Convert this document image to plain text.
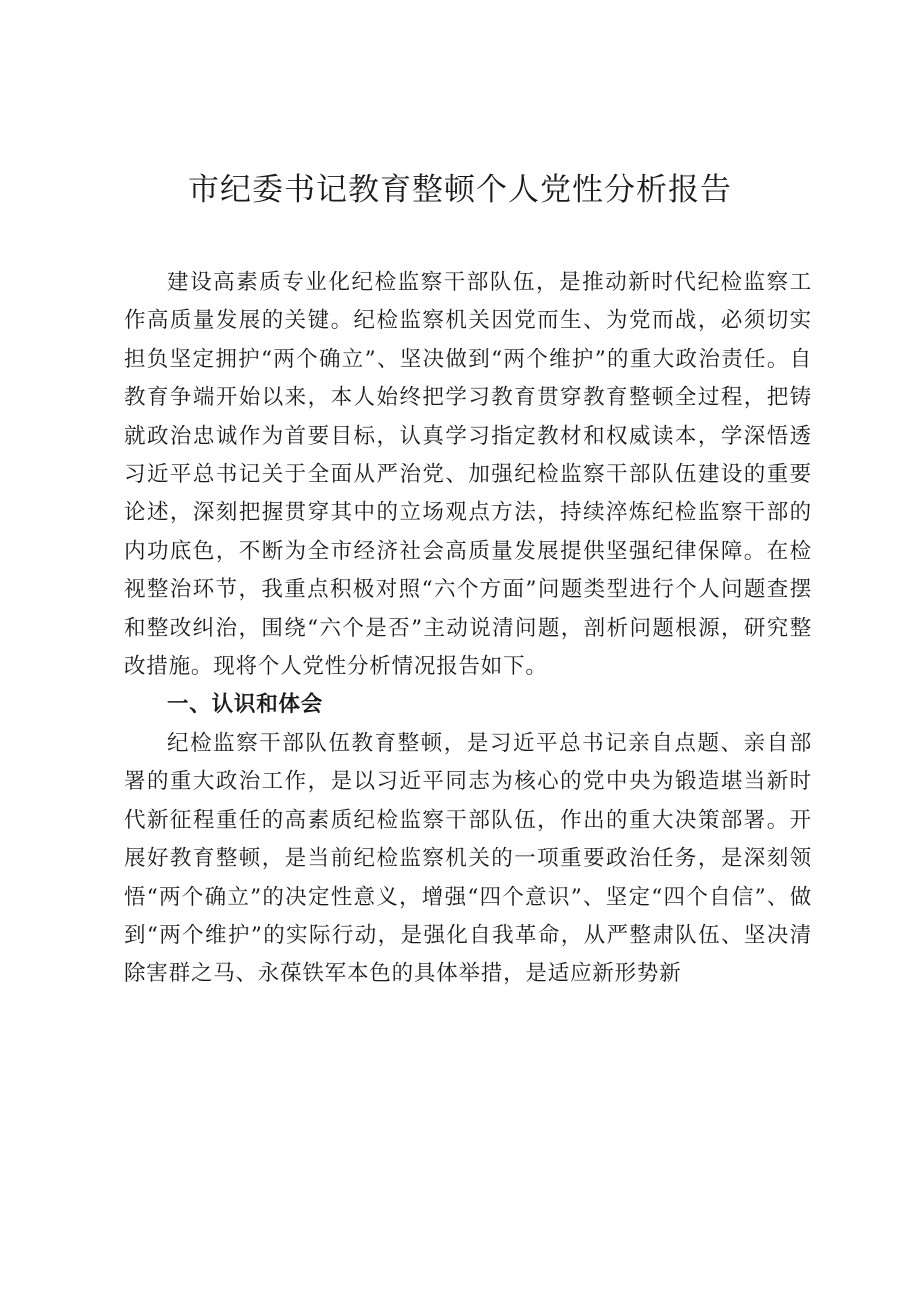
市纪委书记教育整顿个人党性分析报告

建设高素质专业化纪检监察干部队伍，是推动新时代纪检监察工作高质量发展的关键。纪检监察机关因党而生、为党而战，必须切实担负坚定拥护“两个确立”、坚决做到“两个维护”的重大政治责任。自教育争端开始以来，本人始终把学习教育贯穿教育整顿全过程，把铸就政治忠诚作为首要目标，认真学习指定教材和权威读本，学深悟透习近平总书记关于全面从严治党、加强纪检监察干部队伍建设的重要论述，深刻把握贯穿其中的立场观点方法，持续淬炼纪检监察干部的内功底色，不断为全市经济社会高质量发展提供坚强纪律保障。在检视整治环节，我重点积极对照“六个方面”问题类型进行个人问题查摆和整改纠治，围绕“六个是否”主动说清问题，剖析问题根源，研究整改措施。现将个人党性分析情况报告如下。

一、认识和体会

纪检监察干部队伍教育整顿，是习近平总书记亲自点题、亲自部署的重大政治工作，是以习近平同志为核心的党中央为锻造堪当新时代新征程重任的高素质纪检监察干部队伍，作出的重大决策部署。开展好教育整顿，是当前纪检监察机关的一项重要政治任务，是深刻领悟“两个确立”的决定性意义，增强“四个意识”、坚定“四个自信”、做到“两个维护”的实际行动，是强化自我革命，从严整肃队伍、坚决清除害群之马、永葆铁军本色的具体举措，是适应新形势新
